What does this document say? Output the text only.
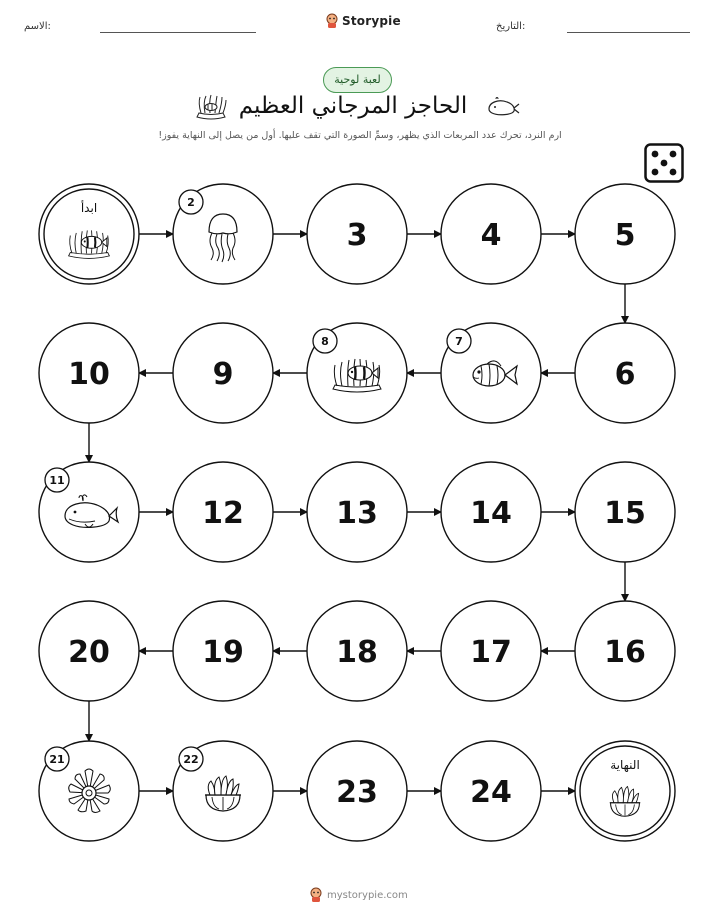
الاسم:	Storypie	التاريخ:
لعبة لوحية
الحاجز المرجاني العظيم
ارم النرد، تحرك عدد المربعات الذي يظهر، وسمِّ الصورة التي تقف عليها. أول من يصل إلى النهاية يفوز!
ابدأ	2
3	4	5
6
7
8
9
10
11
12	13	14	15
16
17
18
19
20
21	22
23	24
النهاية
mystorypie.com
